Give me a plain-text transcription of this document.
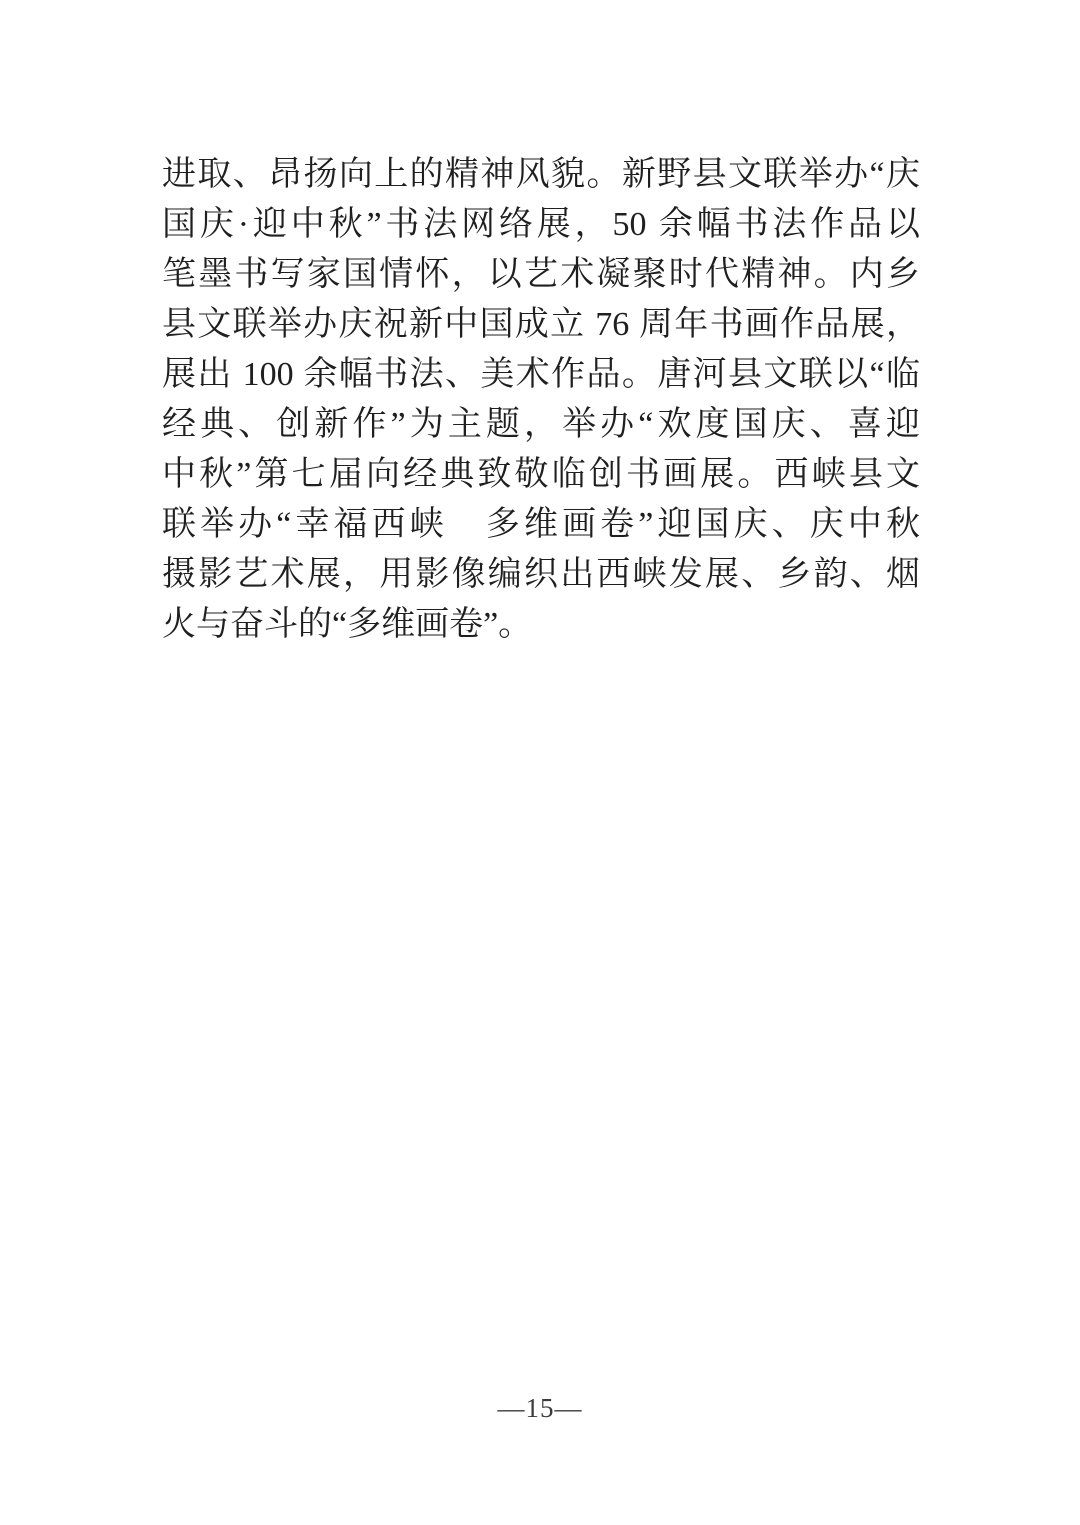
进取、昂扬向上的精神风貌。新野县文联举办“庆
国庆·迎中秋”书法网络展，50 余幅书法作品以
笔墨书写家国情怀，以艺术凝聚时代精神。内乡
县文联举办庆祝新中国成立 76 周年书画作品展，
展出 100 余幅书法、美术作品。唐河县文联以“临
经典、创新作”为主题，举办“欢度国庆、喜迎
中秋”第七届向经典致敬临创书画展。西峡县文
联举办“幸福西峡　多维画卷”迎国庆、庆中秋
摄影艺术展，用影像编织出西峡发展、乡韵、烟
火与奋斗的“多维画卷”。
—15—
